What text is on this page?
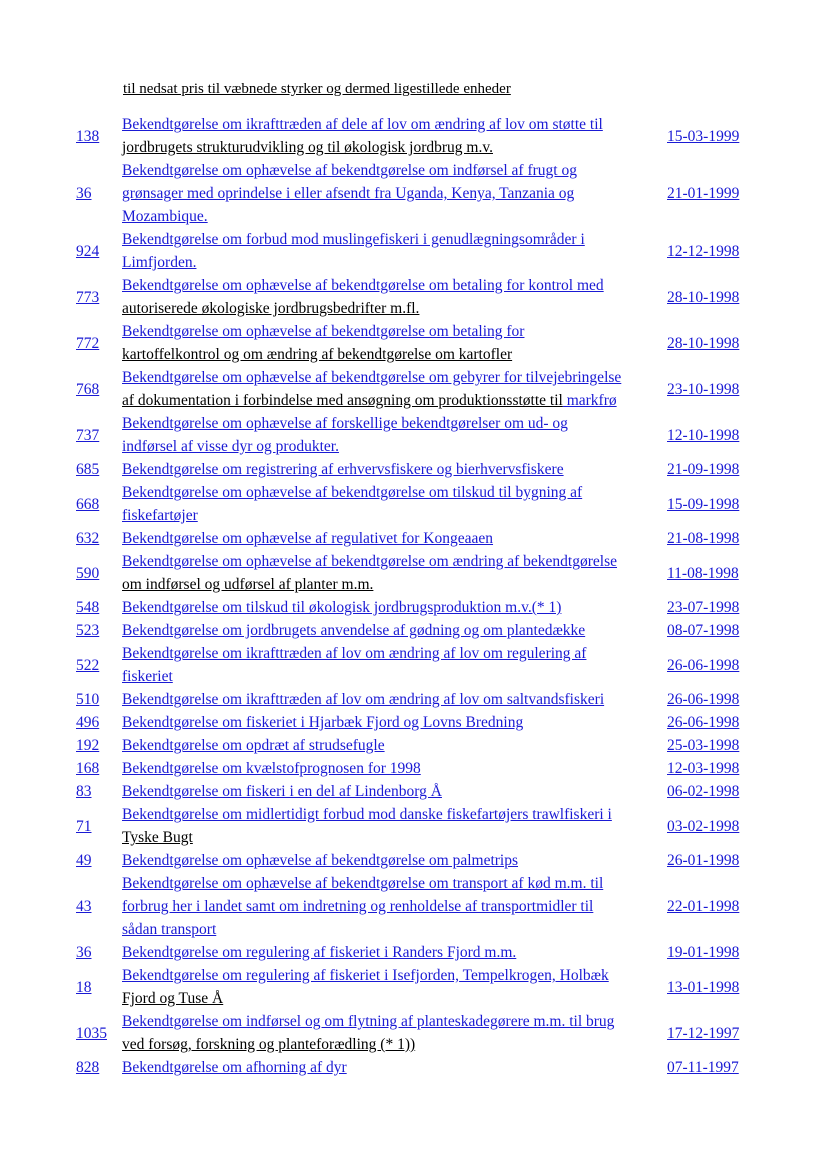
til nedsat pris til væbnede styrker og dermed ligestillede enheder
138	Bekendtgørelse om ikrafttræden af dele af lov om ændring af lov om støtte til
jordbrugets strukturudvikling og til økologisk jordbrug m.v.	15-03-1999
36	Bekendtgørelse om ophævelse af bekendtgørelse om indførsel af frugt og
grønsager med oprindelse i eller afsendt fra Uganda, Kenya, Tanzania og
Mozambique.	21-01-1999
924	Bekendtgørelse om forbud mod muslingefiskeri i genudlægningsområder i
Limfjorden.	12-12-1998
773	Bekendtgørelse om ophævelse af bekendtgørelse om betaling for kontrol med
autoriserede økologiske jordbrugsbedrifter m.fl.	28-10-1998
772	Bekendtgørelse om ophævelse af bekendtgørelse om betaling for
kartoffelkontrol og om ændring af bekendtgørelse om kartofler	28-10-1998
768	Bekendtgørelse om ophævelse af bekendtgørelse om gebyrer for tilvejebringelse
af dokumentation i forbindelse med ansøgning om produktionsstøtte til markfrø	23-10-1998
737	Bekendtgørelse om ophævelse af forskellige bekendtgørelser om ud- og
indførsel af visse dyr og produkter.	12-10-1998
685	Bekendtgørelse om registrering af erhvervsfiskere og bierhvervsfiskere	21-09-1998
668	Bekendtgørelse om ophævelse af bekendtgørelse om tilskud til bygning af
fiskefartøjer	15-09-1998
632	Bekendtgørelse om ophævelse af regulativet for Kongeaaen	21-08-1998
590	Bekendtgørelse om ophævelse af bekendtgørelse om ændring af bekendtgørelse
om indførsel og udførsel af planter m.m.	11-08-1998
548	Bekendtgørelse om tilskud til økologisk jordbrugsproduktion m.v.(* 1)	23-07-1998
523	Bekendtgørelse om jordbrugets anvendelse af gødning og om plantedække	08-07-1998
522	Bekendtgørelse om ikrafttræden af lov om ændring af lov om regulering af
fiskeriet	26-06-1998
510	Bekendtgørelse om ikrafttræden af lov om ændring af lov om saltvandsfiskeri	26-06-1998
496	Bekendtgørelse om fiskeriet i Hjarbæk Fjord og Lovns Bredning	26-06-1998
192	Bekendtgørelse om opdræt af strudsefugle	25-03-1998
168	Bekendtgørelse om kvælstofprognosen for 1998	12-03-1998
83	Bekendtgørelse om fiskeri i en del af Lindenborg Å	06-02-1998
71	Bekendtgørelse om midlertidigt forbud mod danske fiskefartøjers trawlfiskeri i
Tyske Bugt	03-02-1998
49	Bekendtgørelse om ophævelse af bekendtgørelse om palmetrips	26-01-1998
43	Bekendtgørelse om ophævelse af bekendtgørelse om transport af kød m.m. til
forbrug her i landet samt om indretning og renholdelse af transportmidler til
sådan transport	22-01-1998
36	Bekendtgørelse om regulering af fiskeriet i Randers Fjord m.m.	19-01-1998
18	Bekendtgørelse om regulering af fiskeriet i Isefjorden, Tempelkrogen, Holbæk
Fjord og Tuse Å	13-01-1998
1035	Bekendtgørelse om indførsel og om flytning af planteskadegørere m.m. til brug
ved forsøg, forskning og planteforædling (* 1))	17-12-1997
828	Bekendtgørelse om afhorning af dyr	07-11-1997
